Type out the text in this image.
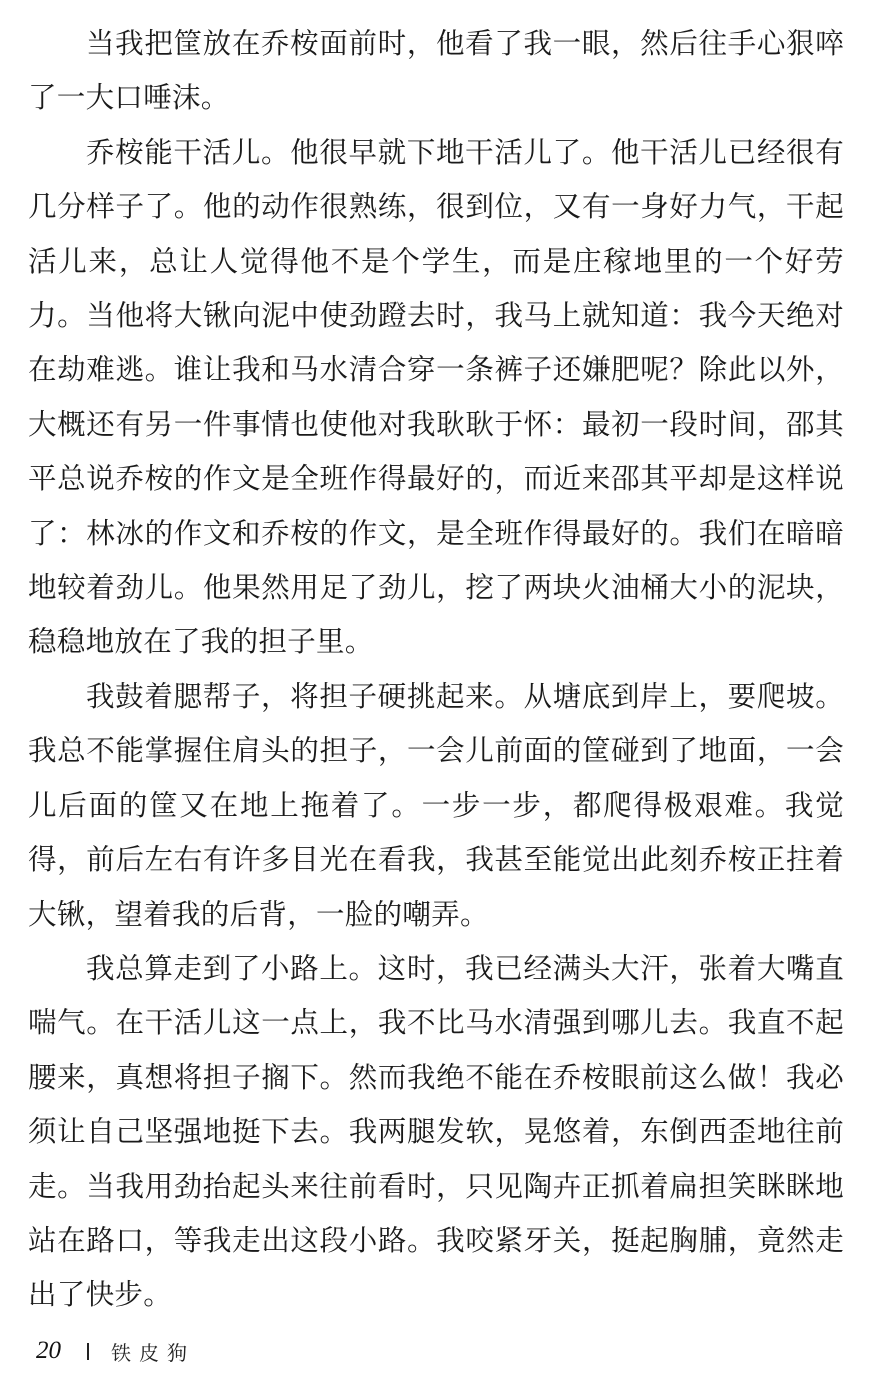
当我把筐放在乔桉面前时，他看了我一眼，然后往手心狠啐了一大口唾沫。

乔桉能干活儿。他很早就下地干活儿了。他干活儿已经很有几分样子了。他的动作很熟练，很到位，又有一身好力气，干起活儿来，总让人觉得他不是个学生，而是庄稼地里的一个好劳力。当他将大锹向泥中使劲蹬去时，我马上就知道：我今天绝对在劫难逃。谁让我和马水清合穿一条裤子还嫌肥呢？除此以外，大概还有另一件事情也使他对我耿耿于怀：最初一段时间，邵其平总说乔桉的作文是全班作得最好的，而近来邵其平却是这样说了：林冰的作文和乔桉的作文，是全班作得最好的。我们在暗暗地较着劲儿。他果然用足了劲儿，挖了两块火油桶大小的泥块，稳稳地放在了我的担子里。

我鼓着腮帮子，将担子硬挑起来。从塘底到岸上，要爬坡。我总不能掌握住肩头的担子，一会儿前面的筐碰到了地面，一会儿后面的筐又在地上拖着了。一步一步，都爬得极艰难。我觉得，前后左右有许多目光在看我，我甚至能觉出此刻乔桉正拄着大锹，望着我的后背，一脸的嘲弄。

我总算走到了小路上。这时，我已经满头大汗，张着大嘴直喘气。在干活儿这一点上，我不比马水清强到哪儿去。我直不起腰来，真想将担子搁下。然而我绝不能在乔桉眼前这么做！我必须让自己坚强地挺下去。我两腿发软，晃悠着，东倒西歪地往前走。当我用劲抬起头来往前看时，只见陶卉正抓着扁担笑眯眯地站在路口，等我走出这段小路。我咬紧牙关，挺起胸脯，竟然走出了快步。

20	铁皮狗
